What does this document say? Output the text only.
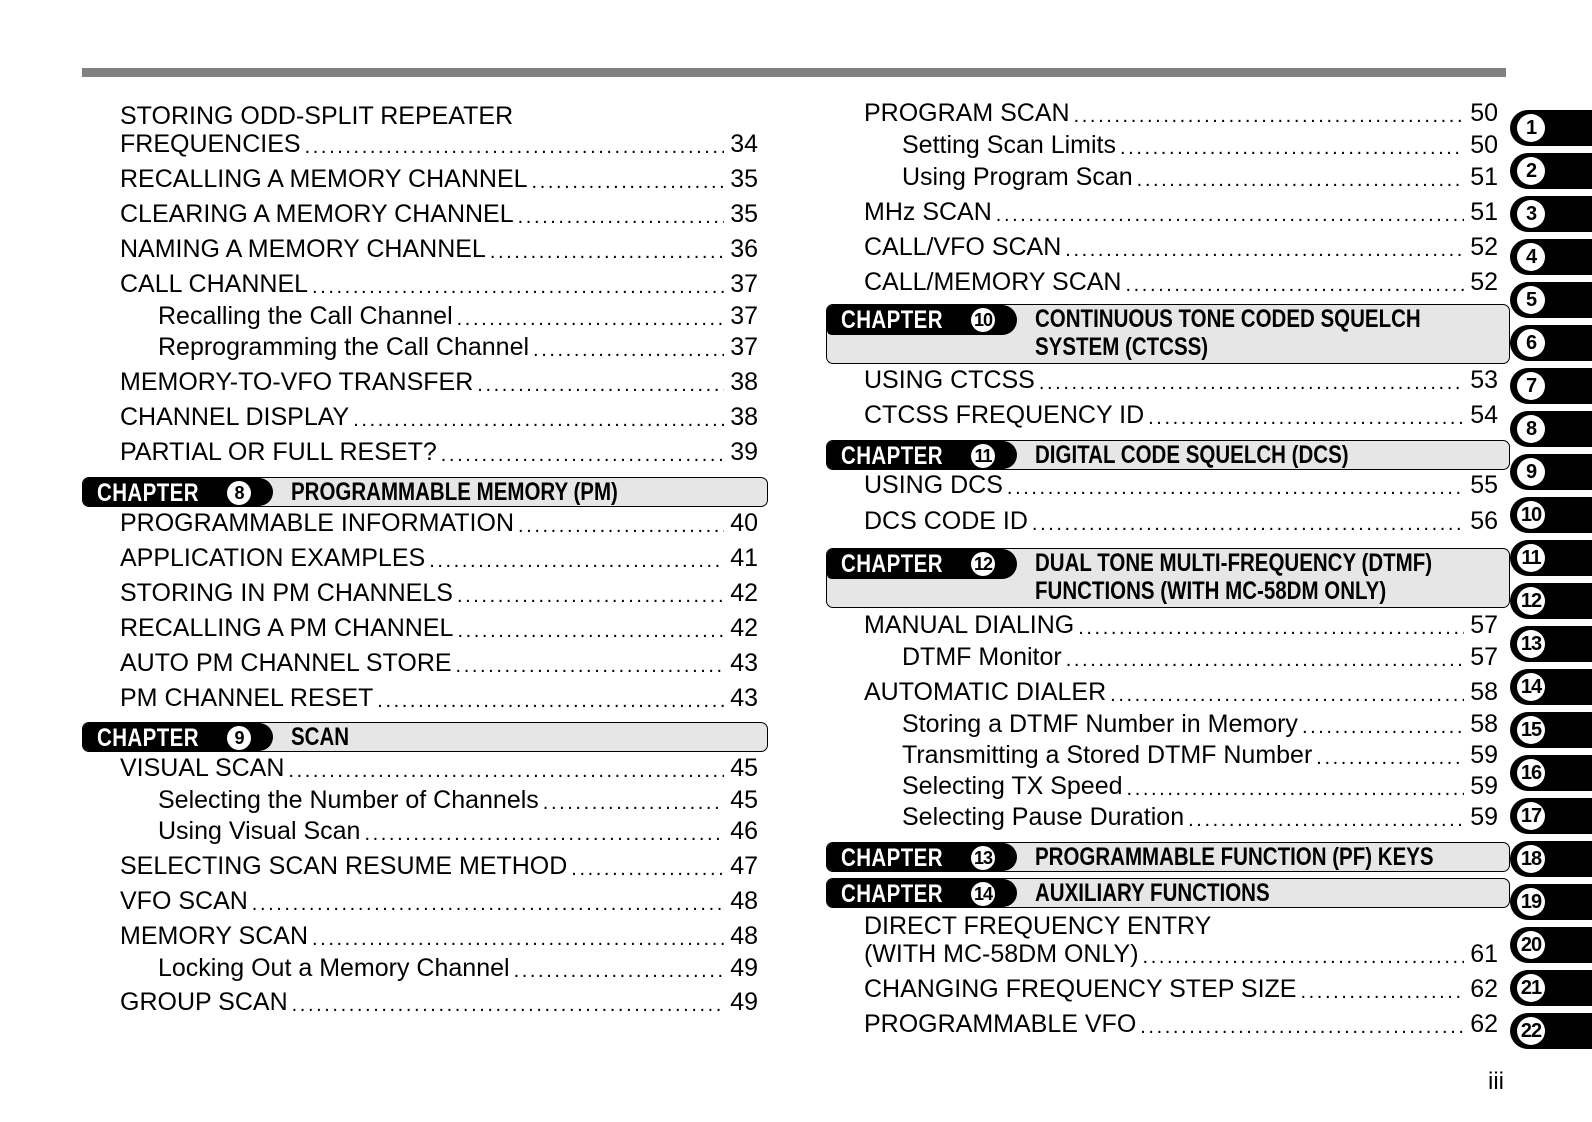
STORING ODD-SPLIT REPEATER
FREQUENCIES .....	34
RECALLING A MEMORY CHANNEL .....	35
CLEARING A MEMORY CHANNEL .....	35
NAMING A MEMORY CHANNEL .....	36
CALL CHANNEL .....	37
Recalling the Call Channel .....	37
Reprogramming the Call Channel .....	37
MEMORY-TO-VFO TRANSFER .....	38
CHANNEL DISPLAY .....	38
PARTIAL OR FULL RESET? .....	39
CHAPTER	8	PROGRAMMABLE MEMORY (PM)
PROGRAMMABLE INFORMATION .....	40
APPLICATION EXAMPLES .....	41
STORING IN PM CHANNELS .....	42
RECALLING A PM CHANNEL .....	42
AUTO PM CHANNEL STORE .....	43
PM CHANNEL RESET .....	43
CHAPTER	9	SCAN
VISUAL SCAN .....	45
Selecting the Number of Channels .....	45
Using Visual Scan .....	46
SELECTING SCAN RESUME METHOD .....	47
VFO SCAN .....	48
MEMORY SCAN .....	48
Locking Out a Memory Channel .....	49
GROUP SCAN .....	49
PROGRAM SCAN .....	50
Setting Scan Limits .....	50
Using Program Scan .....	51
MHz SCAN .....	51
CALL/VFO SCAN .....	52
CALL/MEMORY SCAN .....	52
CHAPTER 10 CONTINUOUS TONE CODED SQUELCH
SYSTEM (CTCSS)
USING CTCSS .....	53
CTCSS FREQUENCY ID .....	54
CHAPTER 11 DIGITAL CODE SQUELCH (DCS)
USING DCS .....	55
DCS CODE ID .....	56
CHAPTER 12 DUAL TONE MULTI-FREQUENCY (DTMF)
FUNCTIONS (WITH MC-58DM ONLY)
MANUAL DIALING .....	57
DTMF Monitor .....	57
AUTOMATIC DIALER .....	58
Storing a DTMF Number in Memory .....	58
Transmitting a Stored DTMF Number .....	59
Selecting TX Speed .....	59
Selecting Pause Duration .....	59
CHAPTER 13 PROGRAMMABLE FUNCTION (PF) KEYS
CHAPTER 14 AUXILIARY FUNCTIONS
DIRECT FREQUENCY ENTRY
(WITH MC-58DM ONLY) .....	61
CHANGING FREQUENCY STEP SIZE .....	62
PROGRAMMABLE VFO .....	62
1
2
3
4
5
6
7
8
9
10
11
12
13
14
15
16
17
18
19
20
21
22
iii
